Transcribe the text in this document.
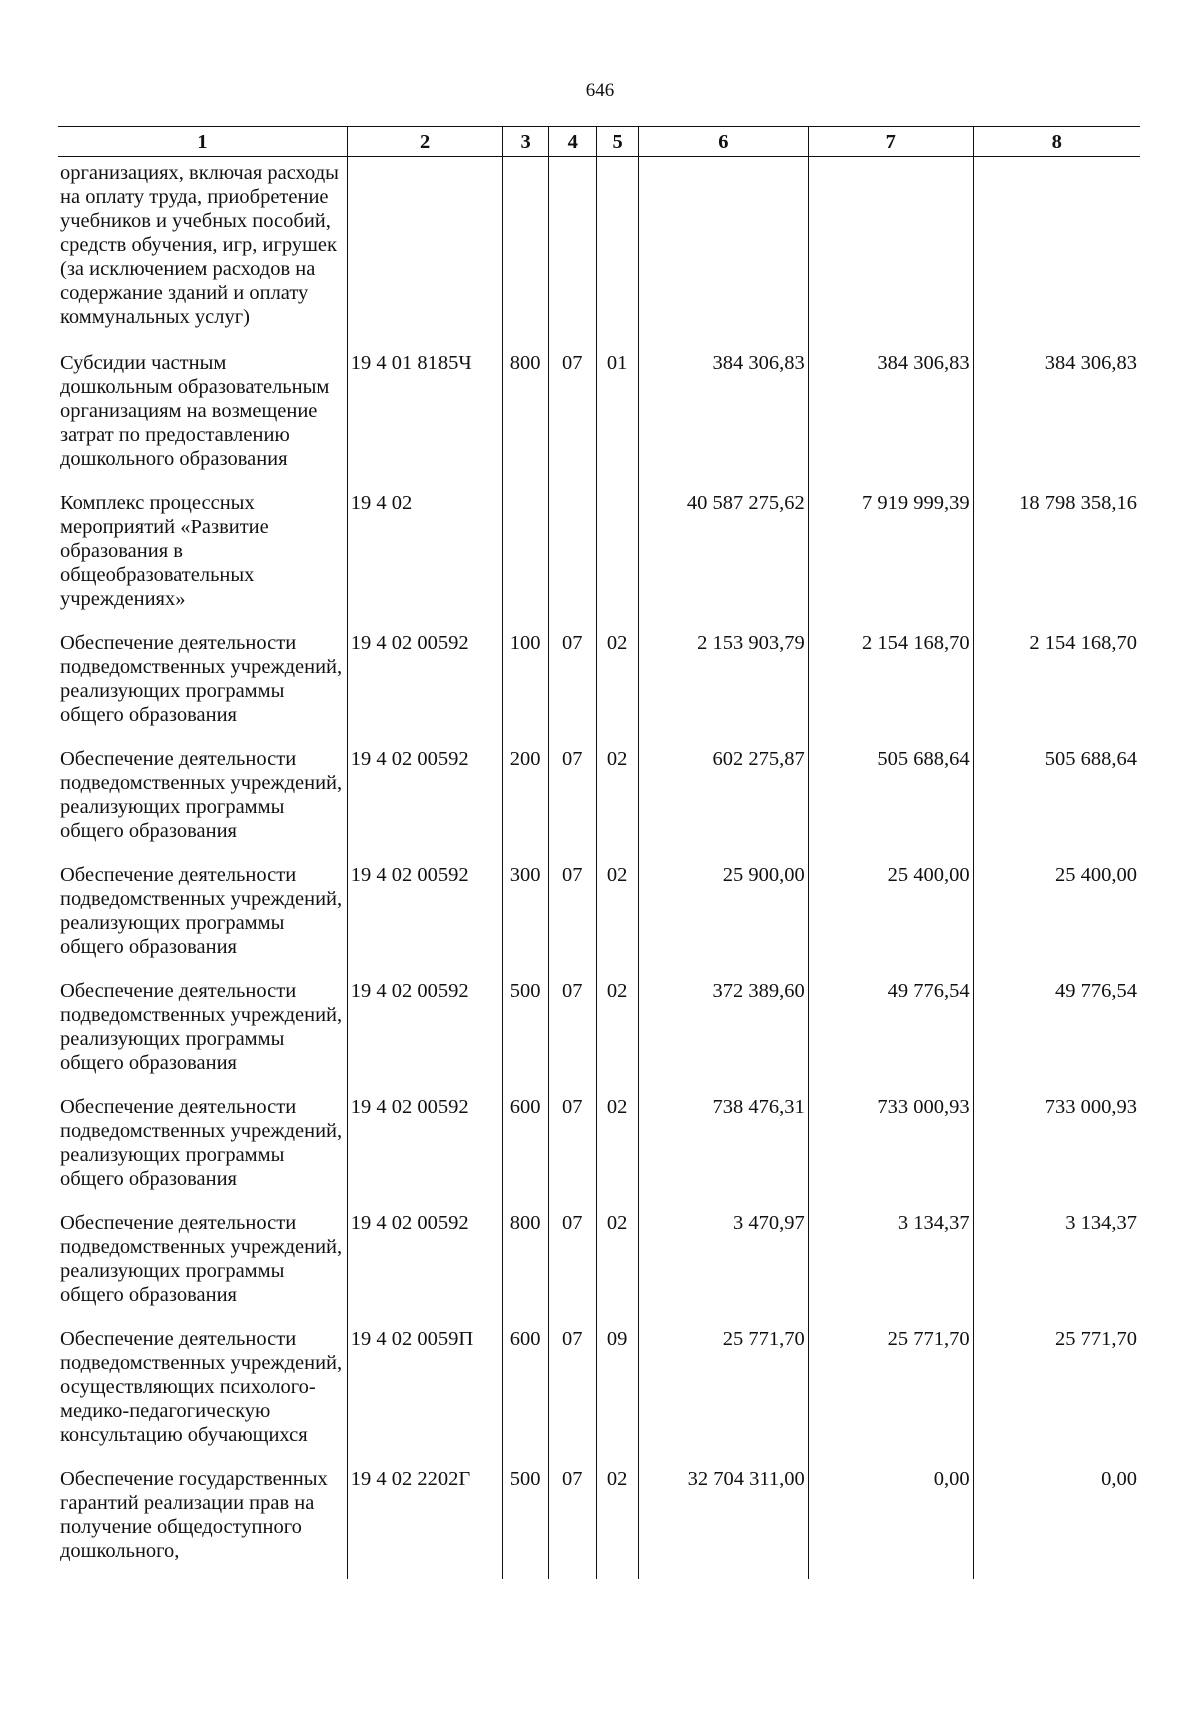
646
1	2	3	4	5	6	7	8
организациях, включая расходы на оплату труда, приобретение учебников и учебных пособий, средств обучения, игр, игрушек (за исключением расходов на содержание зданий и оплату коммунальных услуг)							
Субсидии частным дошкольным образовательным организациям на возмещение затрат по предоставлению дошкольного образования	19 4 01 8185Ч	800	07	01	384 306,83	384 306,83	384 306,83
Комплекс процессных мероприятий «Развитие образования в общеобразовательных учреждениях»	19 4 02				40 587 275,62	7 919 999,39	18 798 358,16
Обеспечение деятельности подведомственных учреждений, реализующих программы общего образования	19 4 02 00592	100	07	02	2 153 903,79	2 154 168,70	2 154 168,70
Обеспечение деятельности подведомственных учреждений, реализующих программы общего образования	19 4 02 00592	200	07	02	602 275,87	505 688,64	505 688,64
Обеспечение деятельности подведомственных учреждений, реализующих программы общего образования	19 4 02 00592	300	07	02	25 900,00	25 400,00	25 400,00
Обеспечение деятельности подведомственных учреждений, реализующих программы общего образования	19 4 02 00592	500	07	02	372 389,60	49 776,54	49 776,54
Обеспечение деятельности подведомственных учреждений, реализующих программы общего образования	19 4 02 00592	600	07	02	738 476,31	733 000,93	733 000,93
Обеспечение деятельности подведомственных учреждений, реализующих программы общего образования	19 4 02 00592	800	07	02	3 470,97	3 134,37	3 134,37
Обеспечение деятельности подведомственных учреждений, осуществляющих психолого-медико-педагогическую консультацию обучающихся	19 4 02 0059П	600	07	09	25 771,70	25 771,70	25 771,70
Обеспечение государственных гарантий реализации прав на получение общедоступного дошкольного,	19 4 02 2202Г	500	07	02	32 704 311,00	0,00	0,00
